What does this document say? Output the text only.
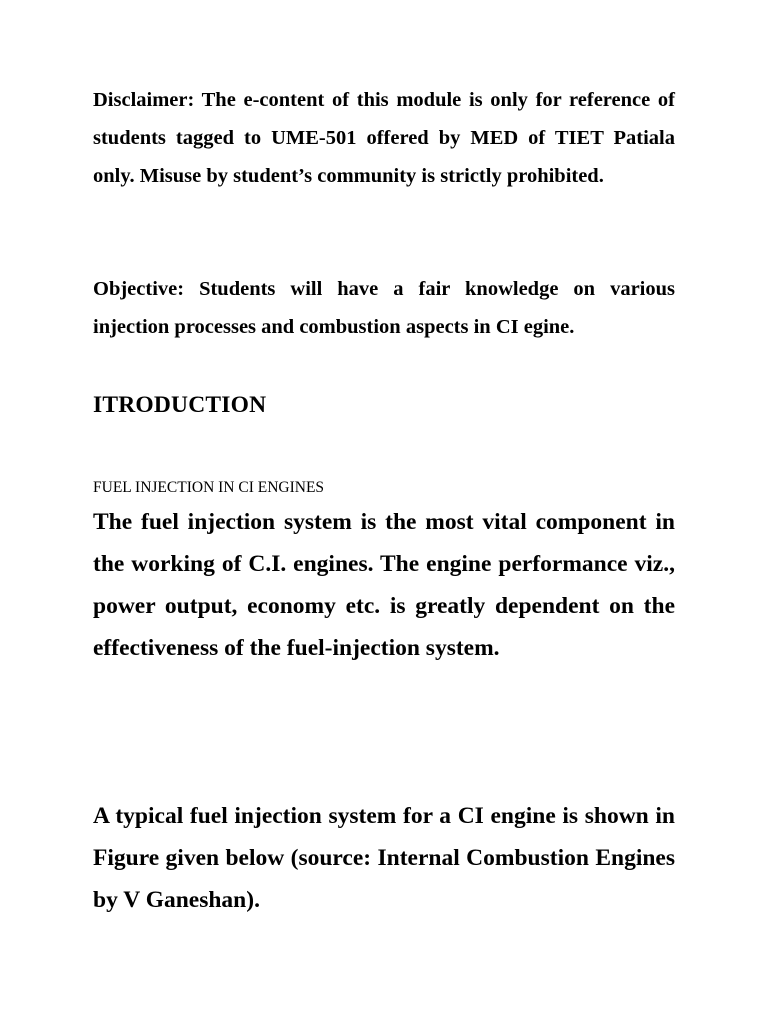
Disclaimer: The e-content of this module is only for reference of students tagged to UME-501 offered by MED of TIET Patiala only. Misuse by student’s community is strictly prohibited.

Objective: Students will have a fair knowledge on various injection processes and combustion aspects in CI egine.

ITRODUCTION
FUEL INJECTION IN CI ENGINES

The fuel injection system is the most vital component in the working of C.I. engines. The engine performance viz., power output, economy etc. is greatly dependent on the effectiveness of the fuel-injection system.

A typical fuel injection system for a CI engine is shown in Figure given below (source: Internal Combustion Engines by V Ganeshan).
